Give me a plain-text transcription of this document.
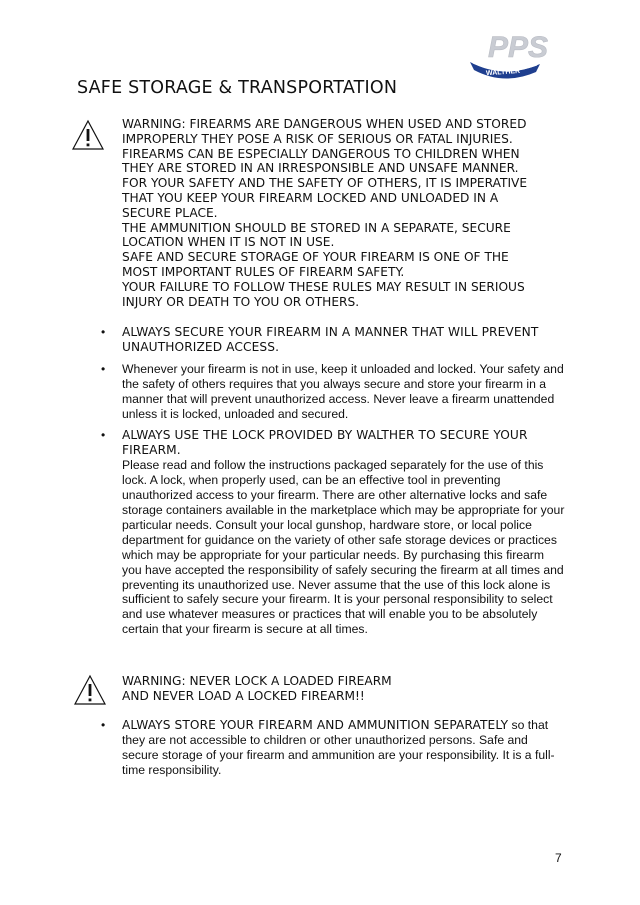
PPS
WALTHER
SAFE STORAGE & TRANSPORTATION
WARNING: FIREARMS ARE DANGEROUS WHEN USED AND STORED
IMPROPERLY THEY POSE A RISK OF SERIOUS OR FATAL INJURIES.
FIREARMS CAN BE ESPECIALLY DANGEROUS TO CHILDREN WHEN
THEY ARE STORED IN AN IRRESPONSIBLE AND UNSAFE MANNER.
FOR YOUR SAFETY AND THE SAFETY OF OTHERS, IT IS IMPERATIVE
THAT YOU KEEP YOUR FIREARM LOCKED AND UNLOADED IN A
SECURE PLACE.
THE AMMUNITION SHOULD BE STORED IN A SEPARATE, SECURE
LOCATION WHEN IT IS NOT IN USE.
SAFE AND SECURE STORAGE OF YOUR FIREARM IS ONE OF THE
MOST IMPORTANT RULES OF FIREARM SAFETY.
YOUR FAILURE TO FOLLOW THESE RULES MAY RESULT IN SERIOUS
INJURY OR DEATH TO YOU OR OTHERS.
• ALWAYS SECURE YOUR FIREARM IN A MANNER THAT WILL PREVENT UNAUTHORIZED ACCESS.
• Whenever your firearm is not in use, keep it unloaded and locked. Your safety and the safety of others requires that you always secure and store your firearm in a manner that will prevent unauthorized access. Never leave a firearm unattended unless it is locked, unloaded and secured.
• ALWAYS USE THE LOCK PROVIDED BY WALTHER TO SECURE YOUR FIREARM.
Please read and follow the instructions packaged separately for the use of this lock. A lock, when properly used, can be an effective tool in preventing unauthorized access to your firearm. There are other alternative locks and safe storage containers available in the marketplace which may be appropriate for your particular needs. Consult your local gunshop, hardware store, or local police department for guidance on the variety of other safe storage devices or practices which may be appropriate for your particular needs. By purchasing this firearm you have accepted the responsibility of safely securing the firearm at all times and preventing its unauthorized use. Never assume that the use of this lock alone is sufficient to safely secure your firearm. It is your personal responsibility to select and use whatever measures or practices that will enable you to be absolutely certain that your firearm is secure at all times.
WARNING: NEVER LOCK A LOADED FIREARM
AND NEVER LOAD A LOCKED FIREARM!!
• ALWAYS STORE YOUR FIREARM AND AMMUNITION SEPARATELY so that they are not accessible to children or other unauthorized persons. Safe and secure storage of your firearm and ammunition are your responsibility. It is a full-time responsibility.
7
